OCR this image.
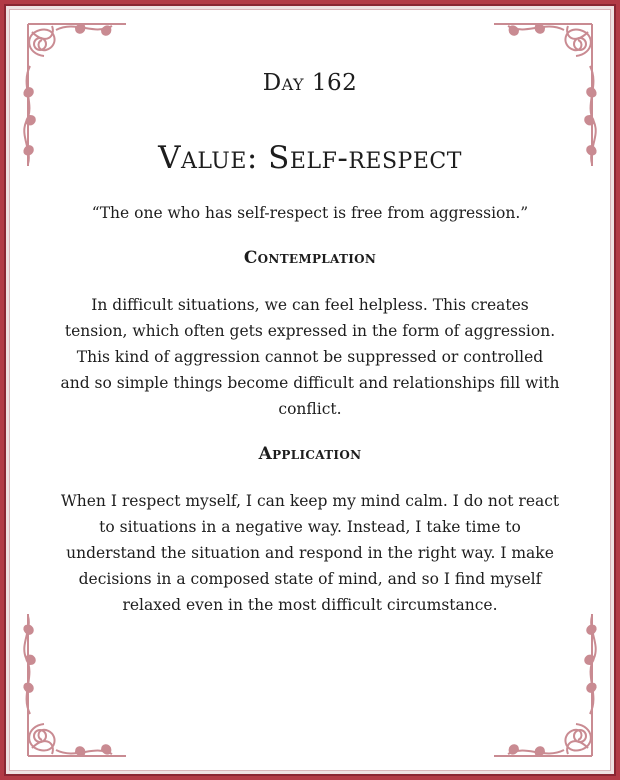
Day 162
Value: Self-respect
“The one who has self-respect is free from aggression.”
Contemplation
In difficult situations, we can feel helpless. This creates tension, which often gets expressed in the form of aggression. This kind of aggression cannot be suppressed or controlled and so simple things become difficult and relationships fill with conflict.
Application
When I respect myself, I can keep my mind calm. I do not react to situations in a negative way. Instead, I take time to understand the situation and respond in the right way. I make decisions in a composed state of mind, and so I find myself relaxed even in the most difficult circumstance.
